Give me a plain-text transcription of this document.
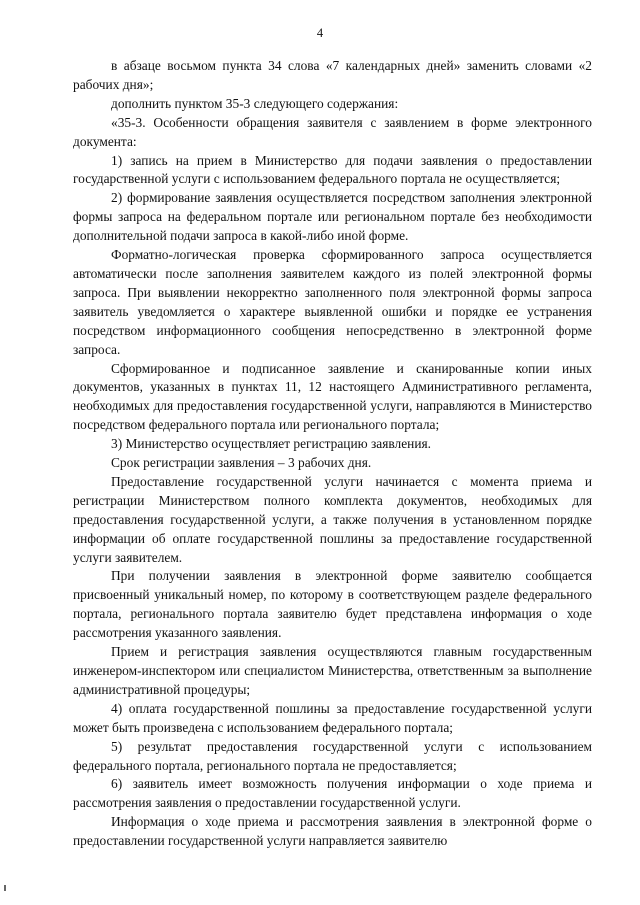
4

в абзаце восьмом пункта 34 слова «7 календарных дней» заменить словами «2 рабочих дня»;

дополнить пунктом 35-3 следующего содержания:

«35-3. Особенности обращения заявителя с заявлением в форме электронного документа:

1) запись на прием в Министерство для подачи заявления о предоставлении государственной услуги с использованием федерального портала не осуществляется;

2) формирование заявления осуществляется посредством заполнения электронной формы запроса на федеральном портале или региональном портале без необходимости дополнительной подачи запроса в какой-либо иной форме.

Форматно-логическая проверка сформированного запроса осуществляется автоматически после заполнения заявителем каждого из полей электронной формы запроса. При выявлении некорректно заполненного поля электронной формы запроса заявитель уведомляется о характере выявленной ошибки и порядке ее устранения посредством информационного сообщения непосредственно в электронной форме запроса.

Сформированное и подписанное заявление и сканированные копии иных документов, указанных в пунктах 11, 12 настоящего Административного регламента, необходимых для предоставления государственной услуги, направляются в Министерство посредством федерального портала или регионального портала;

3) Министерство осуществляет регистрацию заявления.

Срок регистрации заявления – 3 рабочих дня.

Предоставление государственной услуги начинается с момента приема и регистрации Министерством полного комплекта документов, необходимых для предоставления государственной услуги, а также получения в установленном порядке информации об оплате государственной пошлины за предоставление государственной услуги заявителем.

При получении заявления в электронной форме заявителю сообщается присвоенный уникальный номер, по которому в соответствующем разделе федерального портала, регионального портала заявителю будет представлена информация о ходе рассмотрения указанного заявления.

Прием и регистрация заявления осуществляются главным государственным инженером-инспектором или специалистом Министерства, ответственным за выполнение административной процедуры;

4) оплата государственной пошлины за предоставление государственной услуги может быть произведена с использованием федерального портала;

5) результат предоставления государственной услуги с использованием федерального портала, регионального портала не предоставляется;

6) заявитель имеет возможность получения информации о ходе приема и рассмотрения заявления о предоставлении государственной услуги.

Информация о ходе приема и рассмотрения заявления в электронной форме о предоставлении государственной услуги направляется заявителю
